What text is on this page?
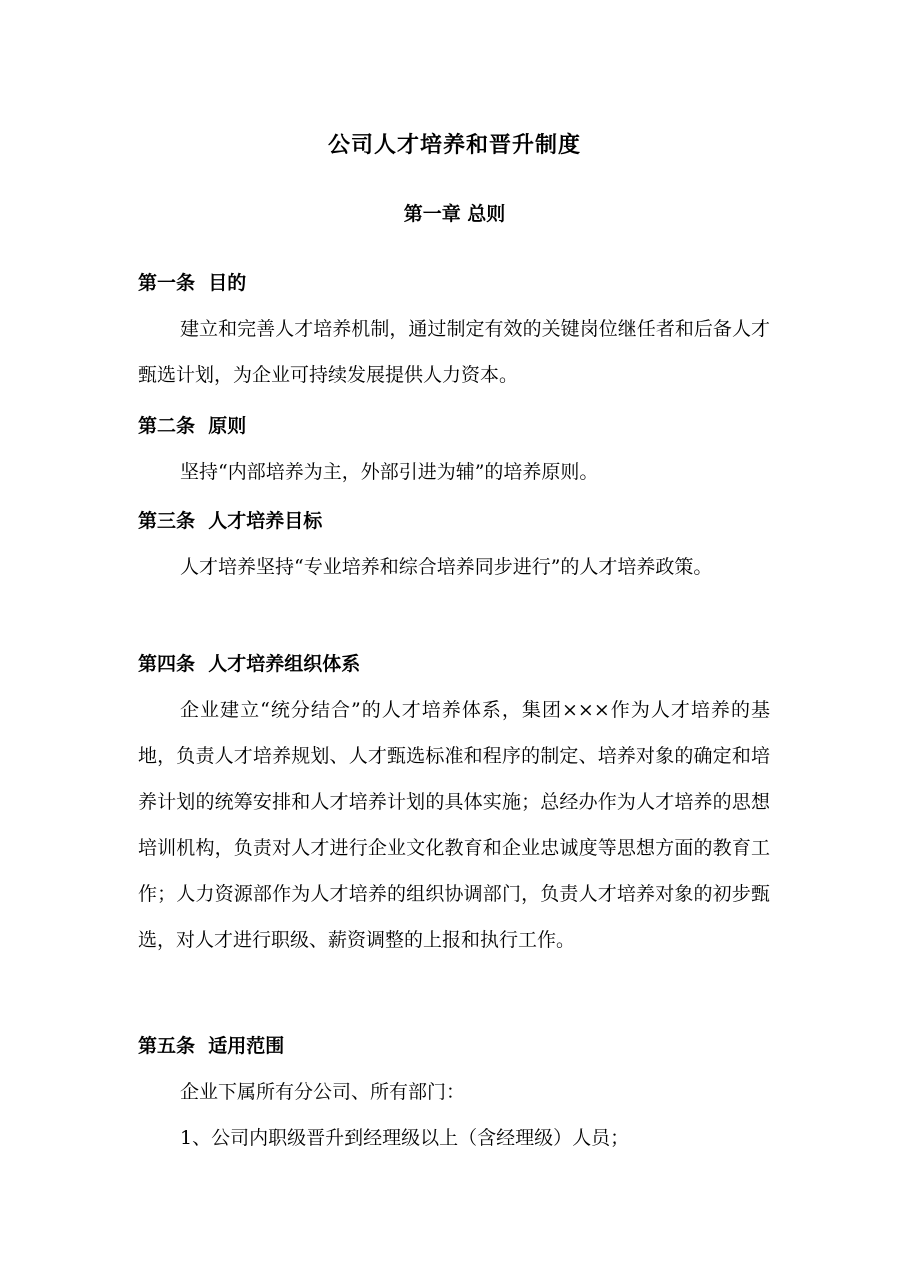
公司人才培养和晋升制度
第一章 总则
第一条  目的

建立和完善人才培养机制，通过制定有效的关键岗位继任者和后备人才甄选计划，为企业可持续发展提供人力资本。

第二条  原则

坚持“内部培养为主，外部引进为辅”的培养原则。

第三条  人才培养目标

人才培养坚持“专业培养和综合培养同步进行”的人才培养政策。

第四条  人才培养组织体系

企业建立“统分结合”的人才培养体系，集团×××作为人才培养的基地，负责人才培养规划、人才甄选标准和程序的制定、培养对象的确定和培养计划的统筹安排和人才培养计划的具体实施；总经办作为人才培养的思想培训机构，负责对人才进行企业文化教育和企业忠诚度等思想方面的教育工作；人力资源部作为人才培养的组织协调部门，负责人才培养对象的初步甄选，对人才进行职级、薪资调整的上报和执行工作。

第五条  适用范围

企业下属所有分公司、所有部门：

1、公司内职级晋升到经理级以上（含经理级）人员；
